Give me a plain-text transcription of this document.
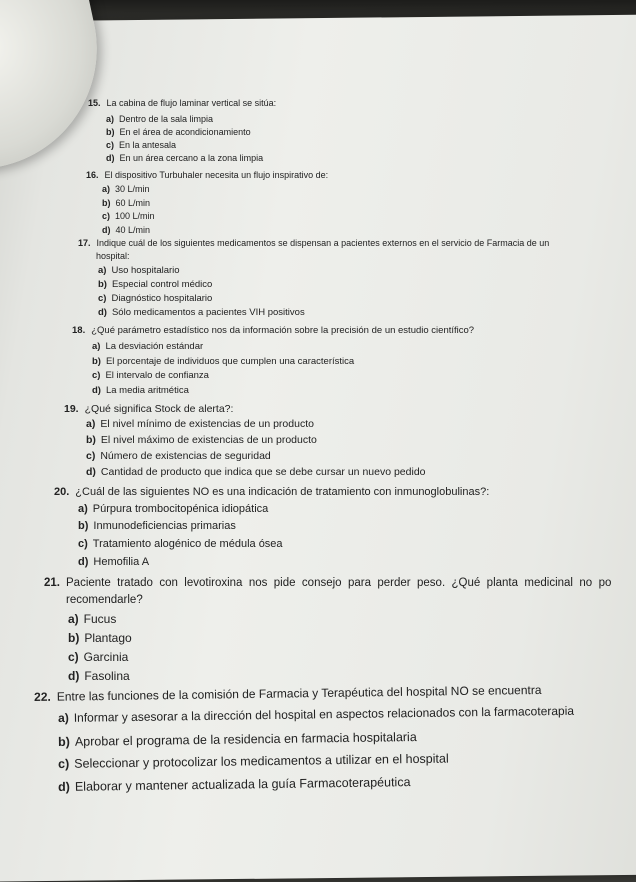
15. La cabina de flujo laminar vertical se sitúa:
a) Dentro de la sala limpia
b) En el área de acondicionamiento
c) En la antesala
d) En un área cercano a la zona limpia
16. El dispositivo Turbuhaler necesita un flujo inspirativo de:
a) 30 L/min
b) 60 L/min
c) 100 L/min
d) 40 L/min
17. Indique cuál de los siguientes medicamentos se dispensan a pacientes externos en el servicio de Farmacia de un
hospital:
a) Uso hospitalario
b) Especial control médico
c) Diagnóstico hospitalario
d) Sólo medicamentos a pacientes VIH positivos
18. ¿Qué parámetro estadístico nos da información sobre la precisión de un estudio científico?
a) La desviación estándar
b) El porcentaje de individuos que cumplen una característica
c) El intervalo de confianza
d) La media aritmética
19. ¿Qué significa Stock de alerta?:
a) El nivel mínimo de existencias de un producto
b) El nivel máximo de existencias de un producto
c) Número de existencias de seguridad
d) Cantidad de producto que indica que se debe cursar un nuevo pedido
20. ¿Cuál de las siguientes NO es una indicación de tratamiento con inmunoglobulinas?:
a) Púrpura trombocitopénica idiopática
b) Inmunodeficiencias primarias
c) Tratamiento alogénico de médula ósea
d) Hemofilia A
21. Paciente tratado con levotiroxina nos pide consejo para perder peso. ¿Qué planta medicinal no po
recomendarle?
a) Fucus
b) Plantago
c) Garcinia
d) Fasolina
22. Entre las funciones de la comisión de Farmacia y Terapéutica del hospital NO se encuentra
a) Informar y asesorar a la dirección del hospital en aspectos relacionados con la farmacoterapia
b) Aprobar el programa de la residencia en farmacia hospitalaria
c) Seleccionar y protocolizar los medicamentos a utilizar en el hospital
d) Elaborar y mantener actualizada la guía Farmacoterapéutica
